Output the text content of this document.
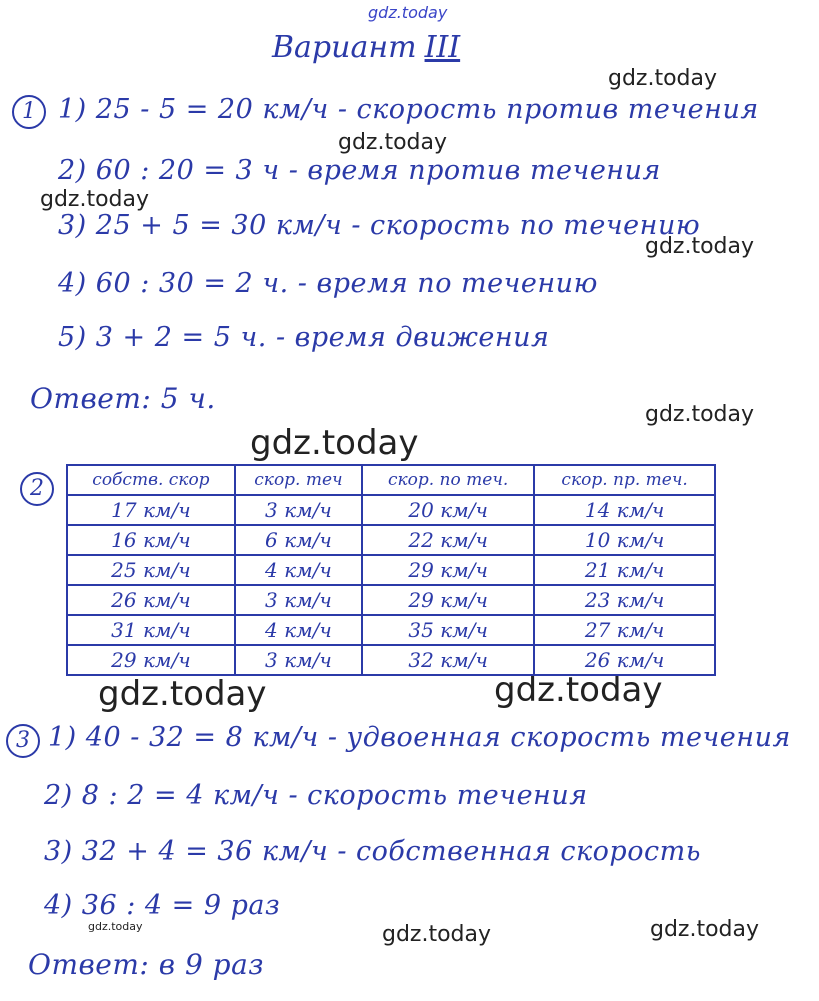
gdz.today
gdz.today
gdz.today
gdz.today
gdz.today
gdz.today
gdz.today
gdz.today	gdz.today
gdz.today	gdz.today	gdz.today
Вариант III
1 1) 25 - 5 = 20 км/ч - скорость против течения
2) 60 : 20 = 3 ч - время против течения
3) 25 + 5 = 30 км/ч - скорость по течению
4) 60 : 30 = 2 ч. - время по течению
5) 3 + 2 = 5 ч. - время движения
Ответ: 5 ч.
2	собств. скор	скор. теч	скор. по теч.	скор. пр. теч.
17 км/ч	3 км/ч	20 км/ч	14 км/ч
16 км/ч	6 км/ч	22 км/ч	10 км/ч
25 км/ч	4 км/ч	29 км/ч	21 км/ч
26 км/ч	3 км/ч	29 км/ч	23 км/ч
31 км/ч	4 км/ч	35 км/ч	27 км/ч
29 км/ч	3 км/ч	32 км/ч	26 км/ч
3 1) 40 - 32 = 8 км/ч - удвоенная скорость течения
2) 8 : 2 = 4 км/ч - скорость течения
3) 32 + 4 = 36 км/ч - собственная скорость
4) 36 : 4 = 9 раз
Ответ: в 9 раз
